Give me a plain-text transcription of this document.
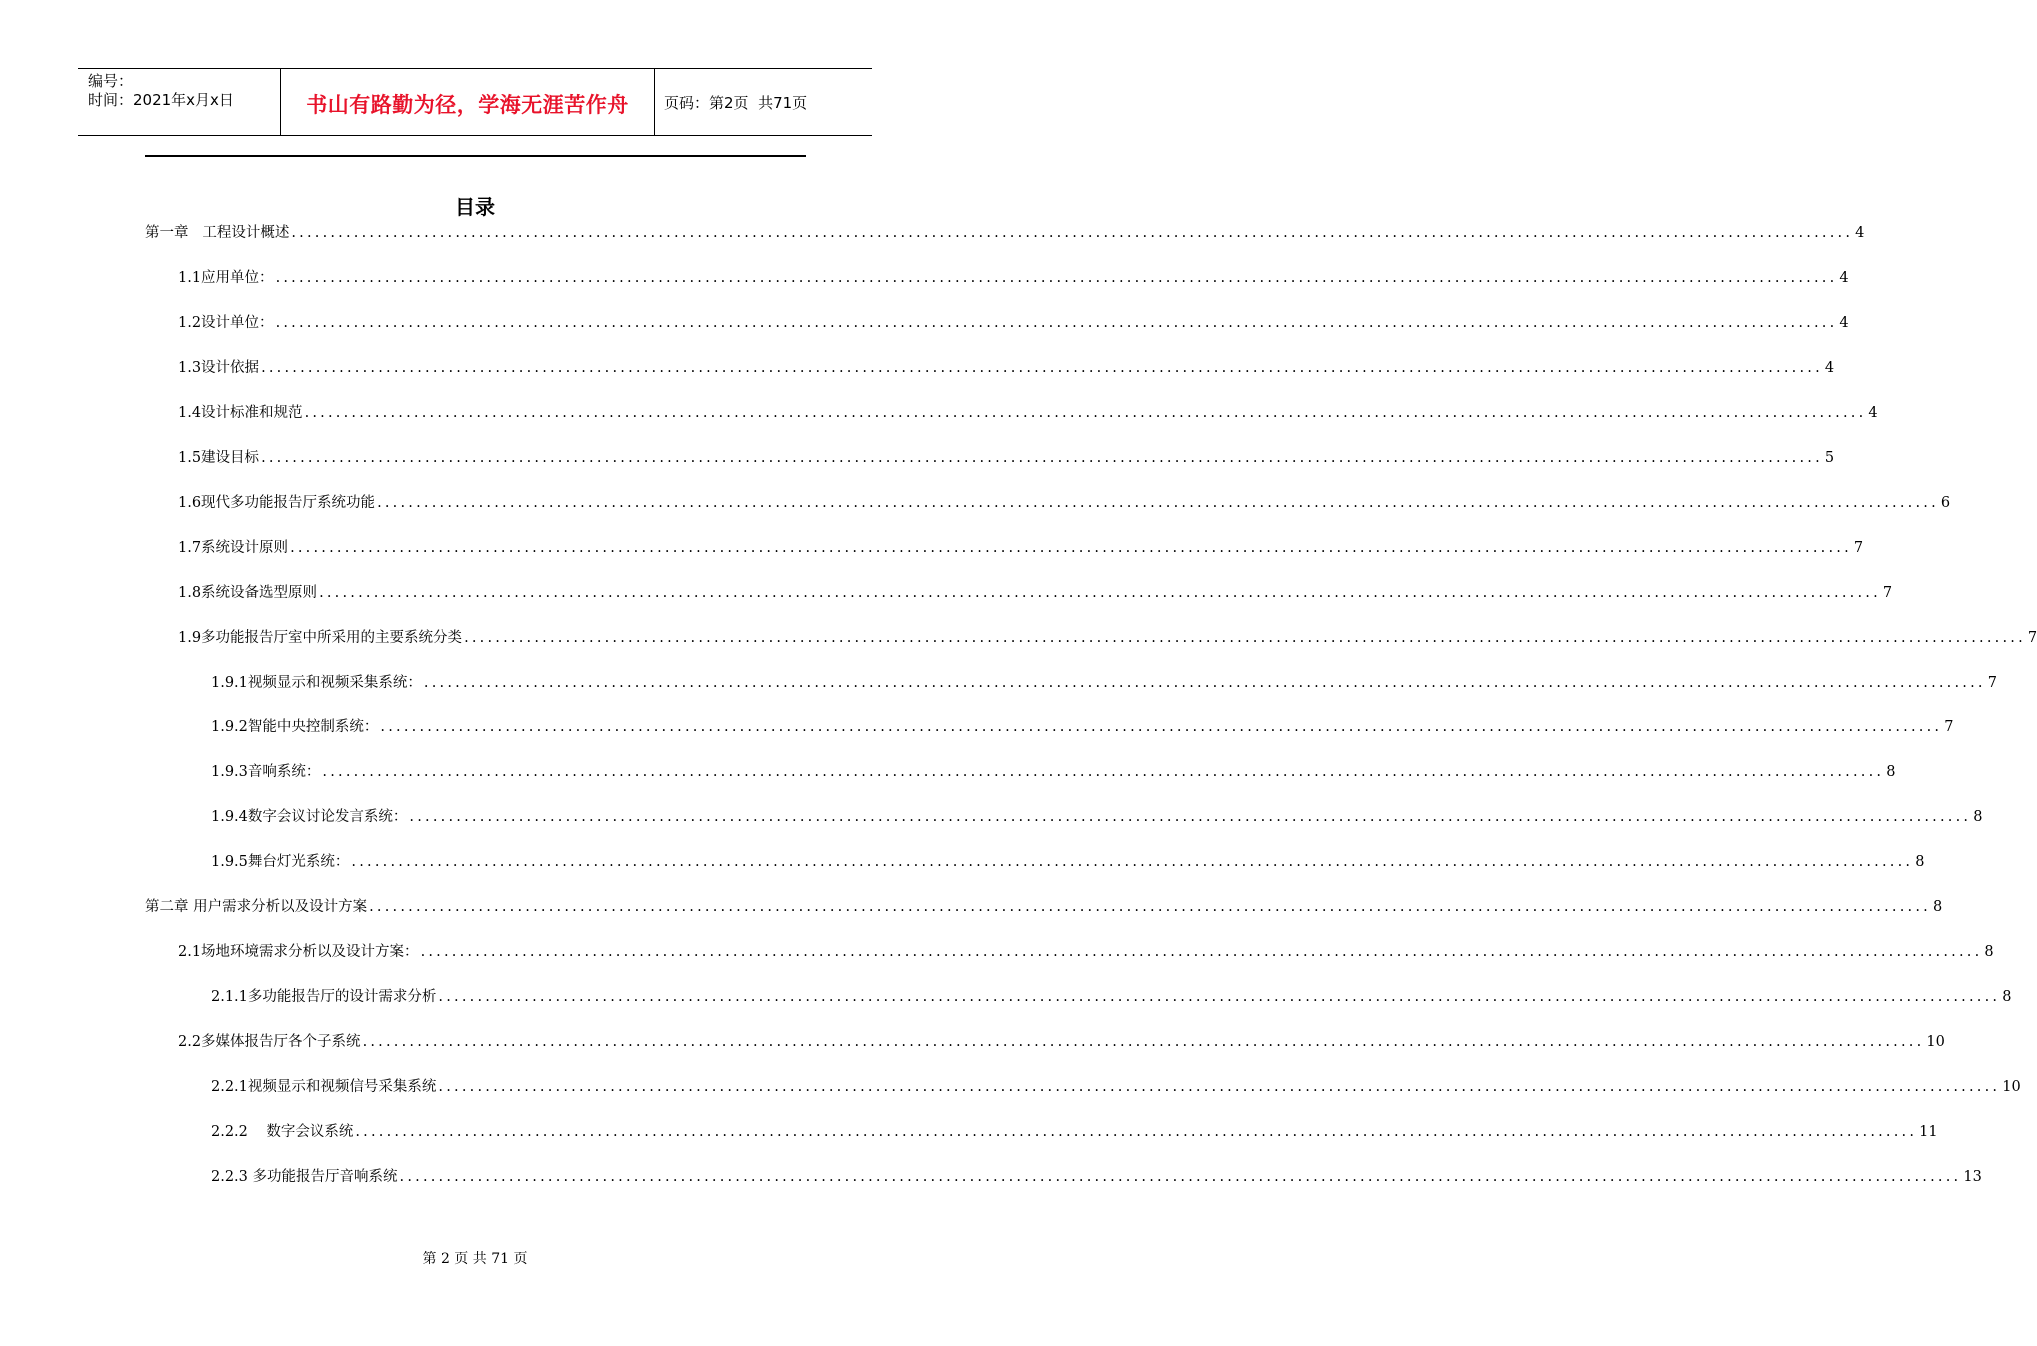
编号：
时间：2021年x月x日	书山有路勤为径，学海无涯苦作舟	页码：第2页  共71页
目录
第一章   工程设计概述 ........................................................................................................................................................................................................ 4
1.1应用单位： ........................................................................................................................................................................................................ 4
1.2设计单位： ........................................................................................................................................................................................................ 4
1.3设计依据 ........................................................................................................................................................................................................ 4
1.4设计标准和规范 ........................................................................................................................................................................................................ 4
1.5建设目标 ........................................................................................................................................................................................................ 5
1.6现代多功能报告厅系统功能 ........................................................................................................................................................................................................ 6
1.7系统设计原则 ........................................................................................................................................................................................................ 7
1.8系统设备选型原则 ........................................................................................................................................................................................................ 7
1.9多功能报告厅室中所采用的主要系统分类 ........................................................................................................................................................................................................ 7
1.9.1视频显示和视频采集系统： ........................................................................................................................................................................................................ 7
1.9.2智能中央控制系统： ........................................................................................................................................................................................................ 7
1.9.3音响系统： ........................................................................................................................................................................................................ 8
1.9.4数字会议讨论发言系统： ........................................................................................................................................................................................................ 8
1.9.5舞台灯光系统： ........................................................................................................................................................................................................ 8
第二章 用户需求分析以及设计方案 ........................................................................................................................................................................................................ 8
2.1场地环境需求分析以及设计方案： ........................................................................................................................................................................................................ 8
2.1.1多功能报告厅的设计需求分析 ........................................................................................................................................................................................................ 8
2.2多媒体报告厅各个子系统 ........................................................................................................................................................................................................ 10
2.2.1视频显示和视频信号采集系统 ........................................................................................................................................................................................................ 10
2.2.2    数字会议系统 ........................................................................................................................................................................................................ 11
2.2.3 多功能报告厅音响系统 ........................................................................................................................................................................................................ 13
第 2 页 共 71 页
